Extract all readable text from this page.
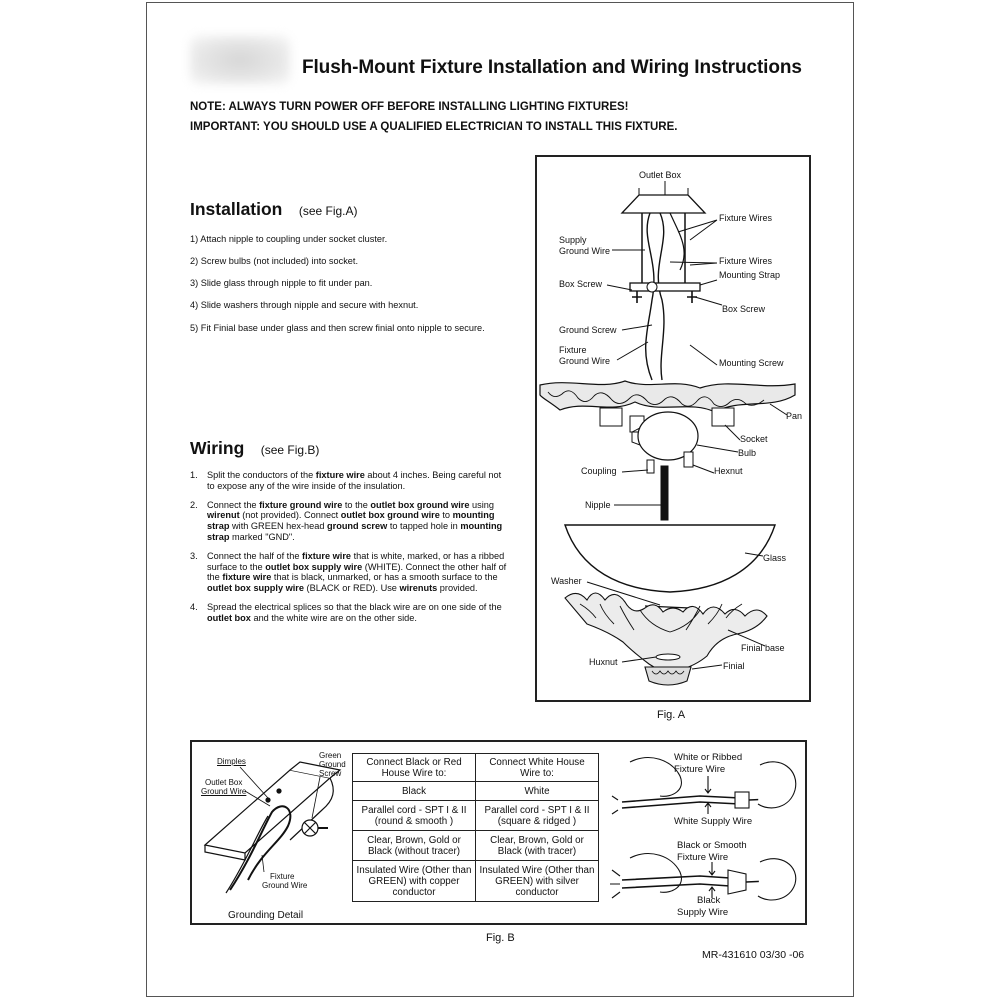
Flush-Mount Fixture Installation and Wiring Instructions
NOTE: ALWAYS TURN POWER OFF BEFORE INSTALLING LIGHTING FIXTURES!
IMPORTANT: YOU SHOULD USE A QUALIFIED ELECTRICIAN TO INSTALL THIS FIXTURE.
Installation (see Fig.A)
1) Attach nipple to coupling under socket cluster.
2) Screw bulbs (not included) into socket.
3) Slide glass through nipple to fit under pan.
4) Slide washers through nipple and secure with hexnut.
5) Fit Finial base under glass and then screw finial onto nipple to secure.
Wiring (see Fig.B)
1.	Split the conductors of the fixture wire about 4 inches. Being careful not to expose any of the wire inside of the insulation.
2.	Connect the fixture ground wire to the outlet box ground wire using wirenut (not provided). Connect outlet box ground wire to mounting strap with GREEN hex-head ground screw to tapped hole in mounting strap marked "GND".
3.	Connect the half of the fixture wire that is white, marked, or has a ribbed surface to the outlet box supply wire (WHITE). Connect the other half of the fixture wire that is black, unmarked, or has a smooth surface to the outlet box supply wire (BLACK or RED). Use wirenuts provided.
4.	Spread the electrical splices so that the black wire are on one side of the outlet box and the white wire are on the other side.
Outlet Box
Fixture Wires
Supply
Ground Wire
Fixture Wires
Mounting Strap
Box Screw
Box Screw
Ground Screw
Fixture
Ground Wire	Mounting Screw
Pan
Socket
Bulb
Coupling	Hexnut
Nipple
Glass
Washer
Finial base
Huxnut	Finial
Fig. A
Dimples
Green
Ground
Screw
Outlet Box
Ground Wire
Fixture
Ground Wire
Grounding Detail
Connect Black or Red House Wire to:	Connect White House Wire to:
Black	White
Parallel cord - SPT I & II (round & smooth )	Parallel cord - SPT I & II (square & ridged )
Clear, Brown, Gold or Black (without tracer)	Clear, Brown, Gold or Black (with tracer)
Insulated Wire (Other than GREEN) with copper conductor	Insulated Wire (Other than GREEN) with silver conductor
White or Ribbed
Fixture Wire
White Supply Wire
Black or Smooth
Fixture Wire
Black
Supply Wire
Fig. B
MR-431610 03/30 -06
